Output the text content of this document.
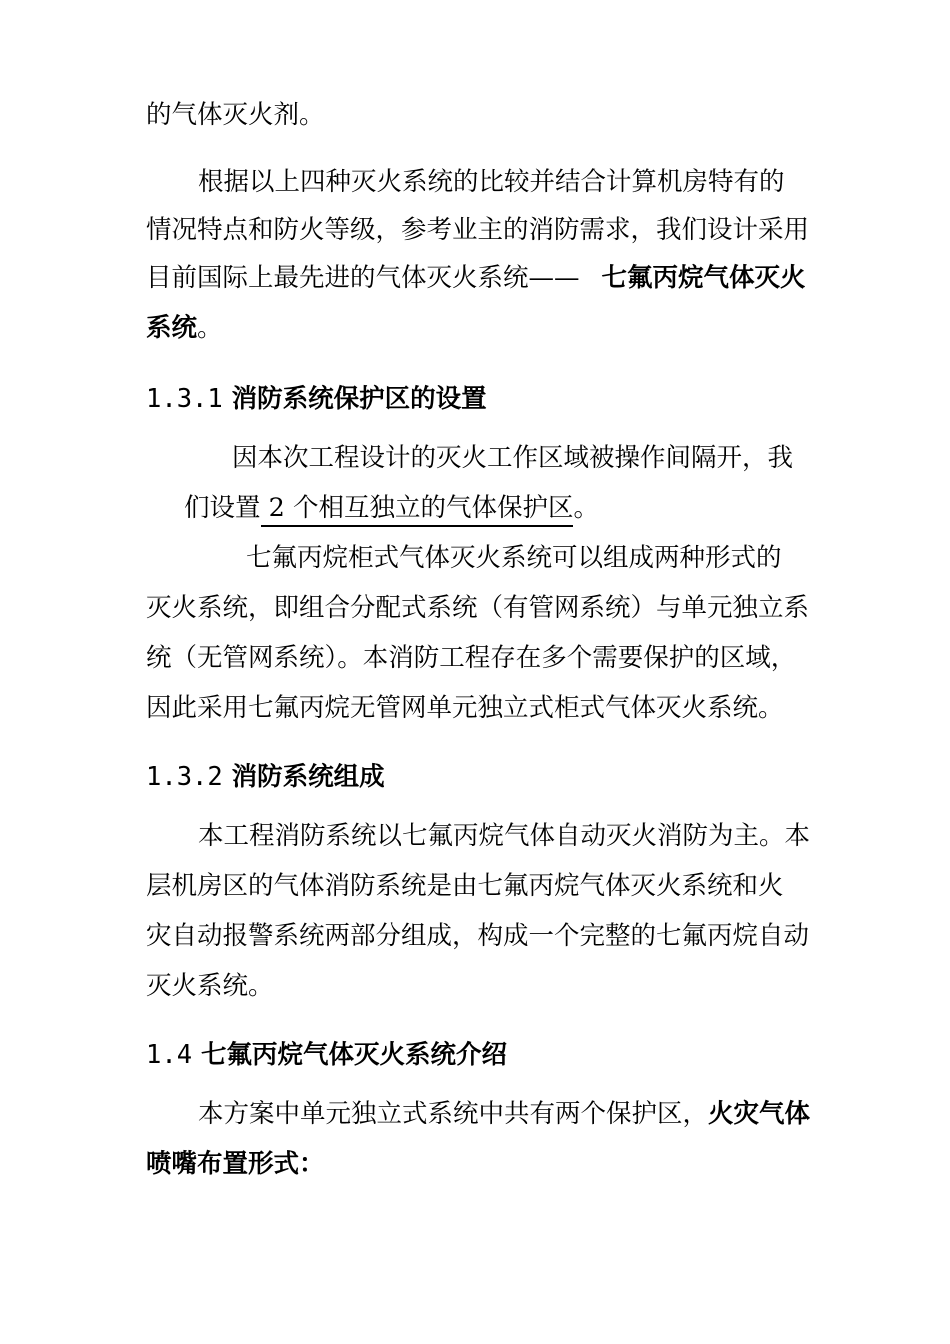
的气体灭火剂。
根据以上四种灭火系统的比较并结合计算机房特有的
情况特点和防火等级，参考业主的消防需求，我们设计采用
目前国际上最先进的气体灭火系统—— 七氟丙烷气体灭火
系统。
1.3.1 消防系统保护区的设置
因本次工程设计的灭火工作区域被操作间隔开，我
们设置 2 个相互独立的气体保护区。
七氟丙烷柜式气体灭火系统可以组成两种形式的
灭火系统，即组合分配式系统（有管网系统）与单元独立系
统（无管网系统）。本消防工程存在多个需要保护的区域，
因此采用七氟丙烷无管网单元独立式柜式气体灭火系统。
1.3.2 消防系统组成
本工程消防系统以七氟丙烷气体自动灭火消防为主。本
层机房区的气体消防系统是由七氟丙烷气体灭火系统和火
灾自动报警系统两部分组成，构成一个完整的七氟丙烷自动
灭火系统。
1.4 七氟丙烷气体灭火系统介绍
本方案中单元独立式系统中共有两个保护区，火灾气体
喷嘴布置形式：
